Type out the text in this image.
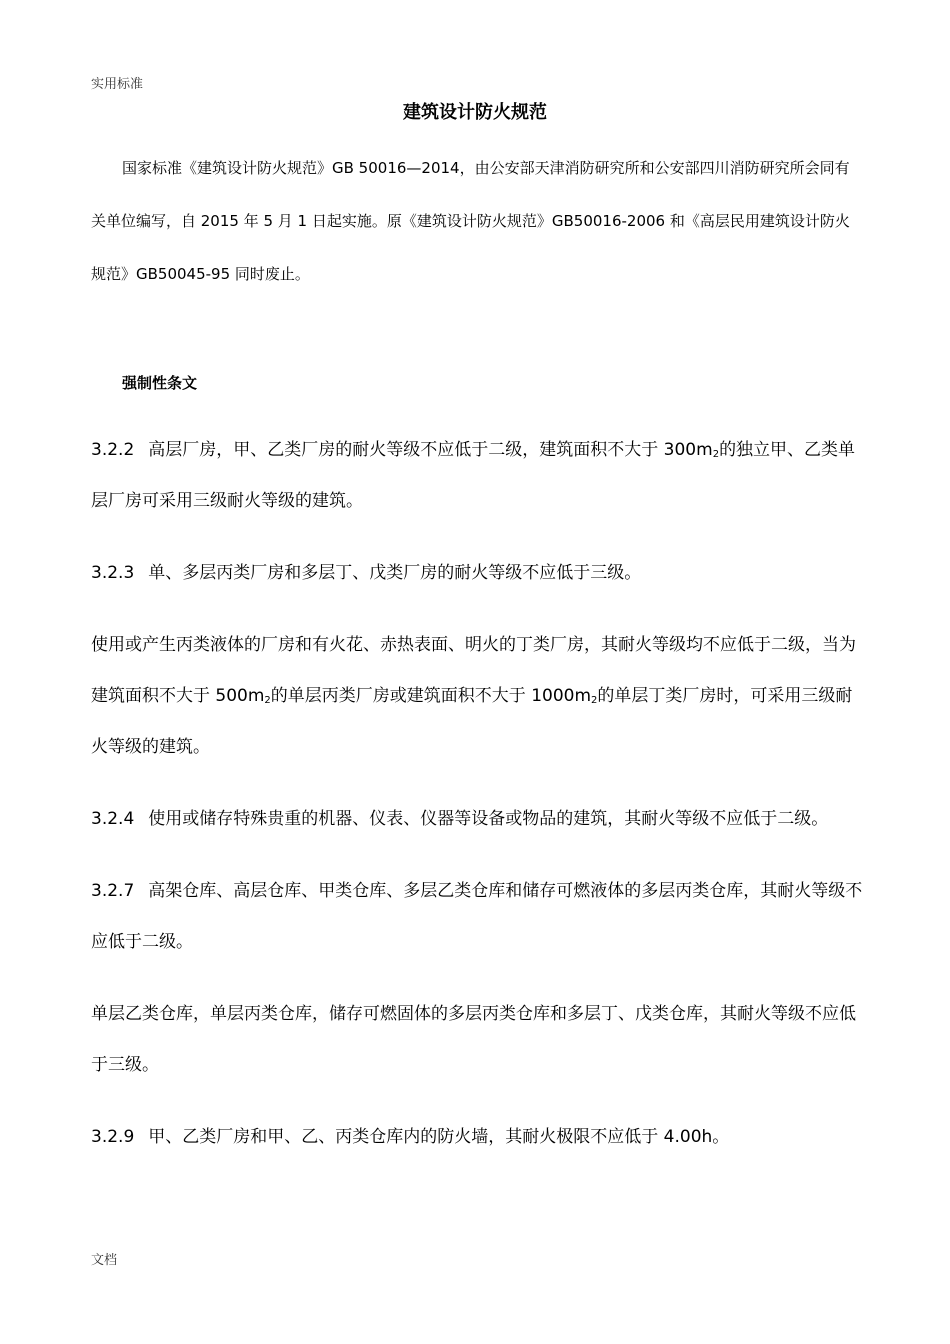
实用标准
建筑设计防火规范

国家标准《建筑设计防火规范》GB 50016—2014，由公安部天津消防研究所和公安部四川消防研究所会同有关单位编写，自 2015 年 5 月 1 日起实施。原《建筑设计防火规范》GB50016-2006 和《高层民用建筑设计防火规范》GB50045-95 同时废止。

强制性条文

3.2.2 高层厂房，甲、乙类厂房的耐火等级不应低于二级，建筑面积不大于 $300m_2$的独立甲、乙类单层厂房可采用三级耐火等级的建筑。

3.2.3 单、多层丙类厂房和多层丁、戊类厂房的耐火等级不应低于三级。

使用或产生丙类液体的厂房和有火花、赤热表面、明火的丁类厂房，其耐火等级均不应低于二级，当为建筑面积不大于 $500m_2$的单层丙类厂房或建筑面积不大于 $1000m_2$的单层丁类厂房时，可采用三级耐火等级的建筑。

3.2.4 使用或储存特殊贵重的机器、仪表、仪器等设备或物品的建筑，其耐火等级不应低于二级。

3.2.7 高架仓库、高层仓库、甲类仓库、多层乙类仓库和储存可燃液体的多层丙类仓库，其耐火等级不应低于二级。

单层乙类仓库，单层丙类仓库，储存可燃固体的多层丙类仓库和多层丁、戊类仓库，其耐火等级不应低于三级。

3.2.9 甲、乙类厂房和甲、乙、丙类仓库内的防火墙，其耐火极限不应低于 4.00h。

文档
